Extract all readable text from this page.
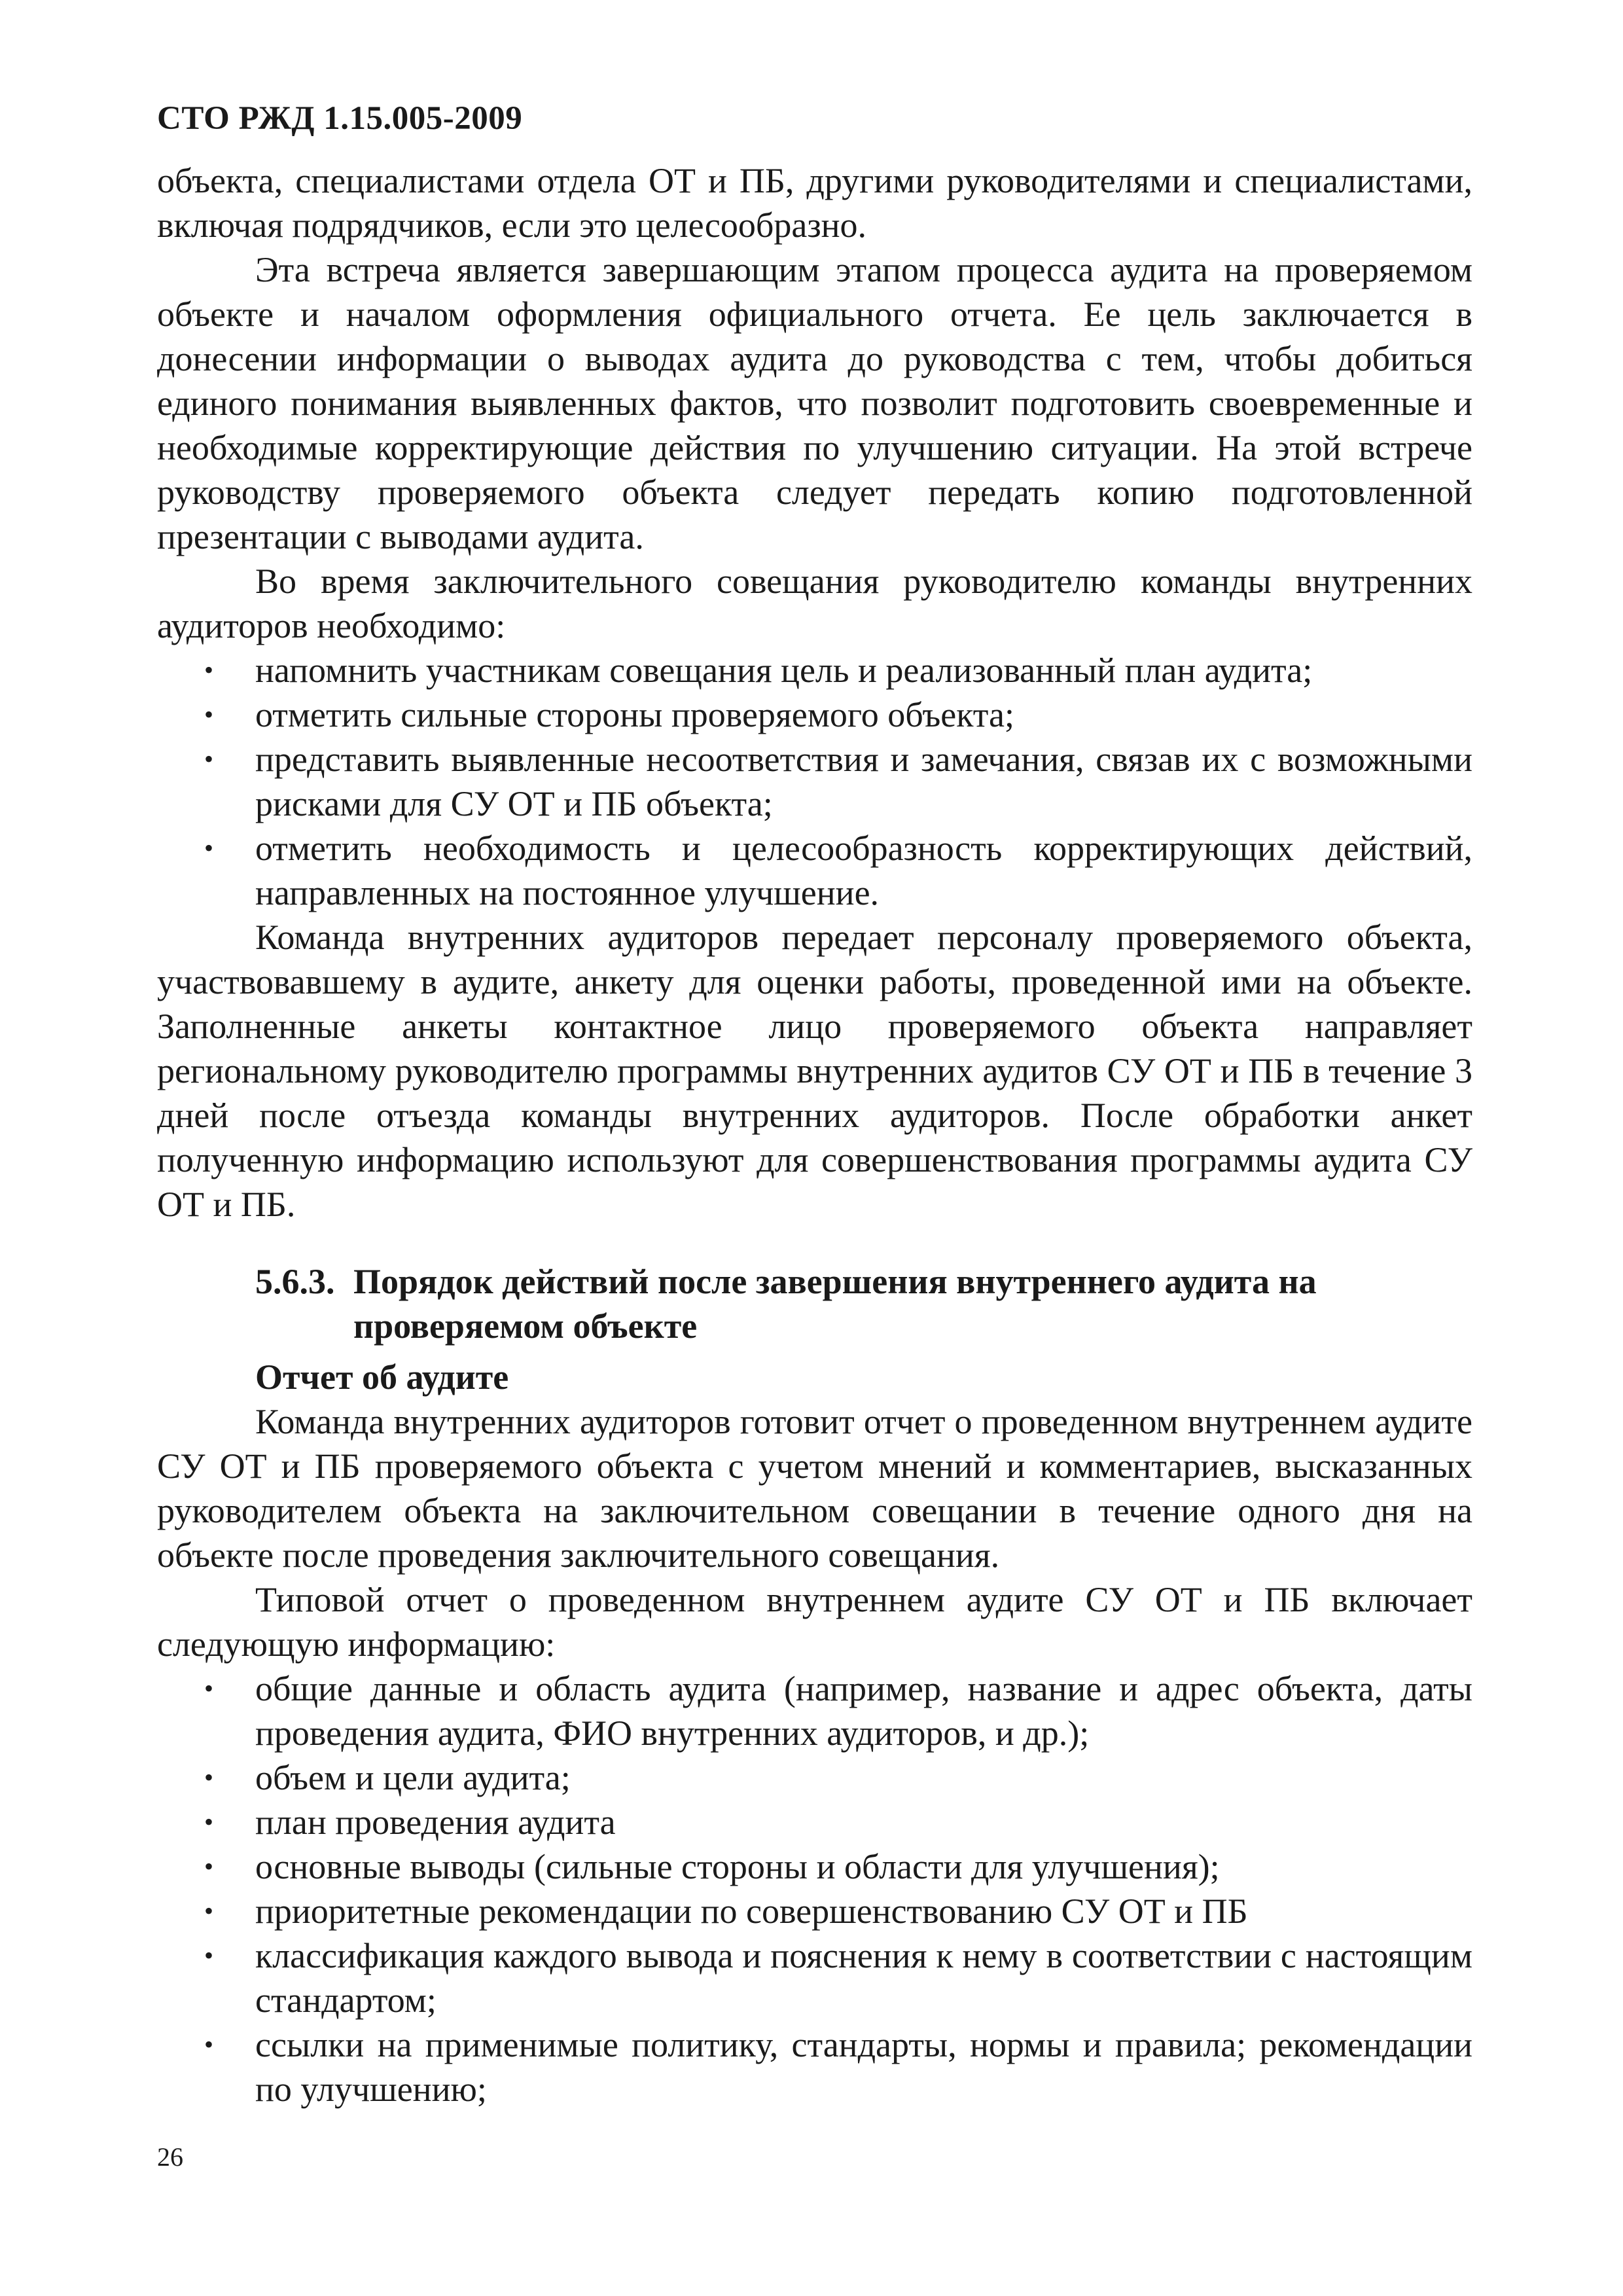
СТО РЖД 1.15.005-2009

объекта, специалистами отдела ОТ и ПБ, другими руководителями и специалистами, включая подрядчиков, если это целесообразно.

Эта встреча является завершающим этапом процесса аудита на проверяемом объекте и началом оформления официального отчета. Ее цель заключается в донесении информации о выводах аудита до руководства с тем, чтобы добиться единого понимания выявленных фактов, что позволит подготовить своевременные и необходимые корректирующие действия по улучшению ситуации. На этой встрече руководству проверяемого объекта следует передать копию подготовленной презентации с выводами аудита.

Во время заключительного совещания руководителю команды внутренних аудиторов необходимо:

• напомнить участникам совещания цель и реализованный план аудита;
• отметить сильные стороны проверяемого объекта;
• представить выявленные несоответствия и замечания, связав их с возможными рисками для СУ ОТ и ПБ объекта;
• отметить необходимость и целесообразность корректирующих действий, направленных на постоянное улучшение.

Команда внутренних аудиторов передает персоналу проверяемого объекта, участвовавшему в аудите, анкету для оценки работы, проведенной ими на объекте. Заполненные анкеты контактное лицо проверяемого объекта направляет региональному руководителю программы внутренних аудитов СУ ОТ и ПБ в течение 3 дней после отъезда команды внутренних аудиторов. После обработки анкет полученную информацию используют для совершенствования программы аудита СУ ОТ и ПБ.

5.6.3. Порядок действий после завершения внутреннего аудита на проверяемом объекте
Отчет об аудите

Команда внутренних аудиторов готовит отчет о проведенном внутреннем аудите СУ ОТ и ПБ проверяемого объекта с учетом мнений и комментариев, высказанных руководителем объекта на заключительном совещании в течение одного дня на объекте после проведения заключительного совещания.

Типовой отчет о проведенном внутреннем аудите СУ ОТ и ПБ включает следующую информацию:

• общие данные и область аудита (например, название и адрес объекта, даты проведения аудита, ФИО внутренних аудиторов, и др.);
• объем и цели аудита;
• план проведения аудита
• основные выводы (сильные стороны и области для улучшения);
• приоритетные рекомендации по совершенствованию СУ ОТ и ПБ
• классификация каждого вывода и пояснения к нему в соответствии с настоящим стандартом;
• ссылки на применимые политику, стандарты, нормы и правила; рекомендации по улучшению;
26
